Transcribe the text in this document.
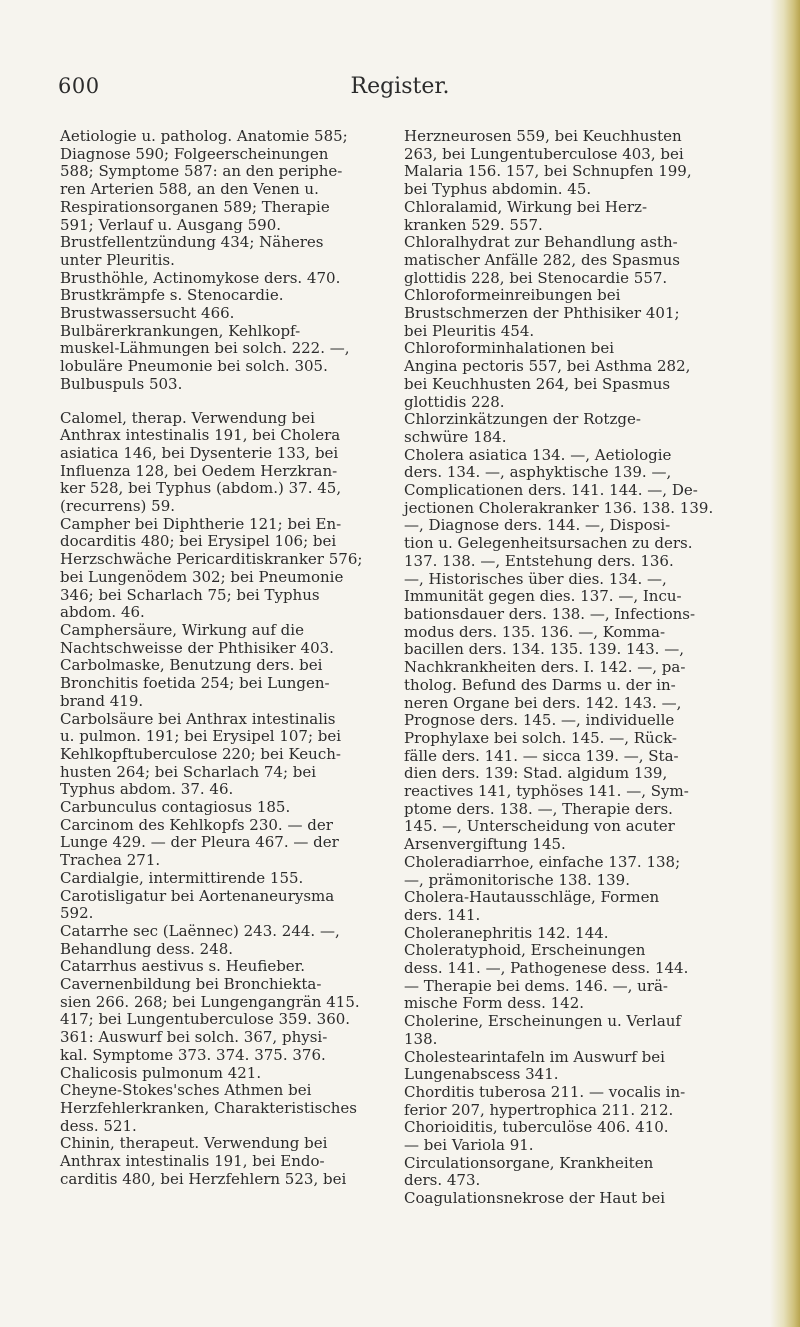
600	Register.

Aetiologie u. patholog. Anatomie 585;

Diagnose 590; Folgeerscheinungen

588; Symptome 587: an den periphe-

ren Arterien 588, an den Venen u.

Respirationsorganen 589; Therapie

591; Verlauf u. Ausgang 590.

Brustfellentzündung 434; Näheres

unter Pleuritis.

Brusthöhle, Actinomykose ders. 470.

Brustkrämpfe s. Stenocardie.

Brustwassersucht 466.

Bulbärerkrankungen, Kehlkopf-

muskel-Lähmungen bei solch. 222. —,

lobuläre Pneumonie bei solch. 305.

Bulbuspuls 503.

Calomel, therap. Verwendung bei

Anthrax intestinalis 191, bei Cholera

asiatica 146, bei Dysenterie 133, bei

Influenza 128, bei Oedem Herzkran-

ker 528, bei Typhus (abdom.) 37. 45,

(recurrens) 59.

Campher bei Diphtherie 121; bei En-

docarditis 480; bei Erysipel 106; bei

Herzschwäche Pericarditiskranker 576;

bei Lungenödem 302; bei Pneumonie

346; bei Scharlach 75; bei Typhus

abdom. 46.

Camphersäure, Wirkung auf die

Nachtschweisse der Phthisiker 403.

Carbolmaske, Benutzung ders. bei

Bronchitis foetida 254; bei Lungen-

brand 419.

Carbolsäure bei Anthrax intestinalis

u. pulmon. 191; bei Erysipel 107; bei

Kehlkopftuberculose 220; bei Keuch-

husten 264; bei Scharlach 74; bei

Typhus abdom. 37. 46.

Carbunculus contagiosus 185.

Carcinom des Kehlkopfs 230. — der

Lunge 429. — der Pleura 467. — der

Trachea 271.

Cardialgie, intermittirende 155.

Carotisligatur bei Aortenaneurysma

592.

Catarrhe sec (Laënnec) 243. 244. —,

Behandlung dess. 248.

Catarrhus aestivus s. Heufieber.

Cavernenbildung bei Bronchiekta-

sien 266. 268; bei Lungengangrän 415.

417; bei Lungentuberculose 359. 360.

361: Auswurf bei solch. 367, physi-

kal. Symptome 373. 374. 375. 376.

Chalicosis pulmonum 421.

Cheyne-Stokes'sches Athmen bei

Herzfehlerkranken, Charakteristisches

dess. 521.

Chinin, therapeut. Verwendung bei

Anthrax intestinalis 191, bei Endo-

carditis 480, bei Herzfehlern 523, bei

Herzneurosen 559, bei Keuchhusten

263, bei Lungentuberculose 403, bei

Malaria 156. 157, bei Schnupfen 199,

bei Typhus abdomin. 45.

Chloralamid, Wirkung bei Herz-

kranken 529. 557.

Chloralhydrat zur Behandlung asth-

matischer Anfälle 282, des Spasmus

glottidis 228, bei Stenocardie 557.

Chloroformeinreibungen bei

Brustschmerzen der Phthisiker 401;

bei Pleuritis 454.

Chloroforminhalationen bei

Angina pectoris 557, bei Asthma 282,

bei Keuchhusten 264, bei Spasmus

glottidis 228.

Chlorzinkätzungen der Rotzge-

schwüre 184.

Cholera asiatica 134. —, Aetiologie

ders. 134. —, asphyktische 139. —,

Complicationen ders. 141. 144. —, De-

jectionen Cholerakranker 136. 138. 139.

—, Diagnose ders. 144. —, Disposi-

tion u. Gelegenheitsursachen zu ders.

137. 138. —, Entstehung ders. 136.

—, Historisches über dies. 134. —,

Immunität gegen dies. 137. —, Incu-

bationsdauer ders. 138. —, Infections-

modus ders. 135. 136. —, Komma-

bacillen ders. 134. 135. 139. 143. —,

Nachkrankheiten ders. I. 142. —, pa-

tholog. Befund des Darms u. der in-

neren Organe bei ders. 142. 143. —,

Prognose ders. 145. —, individuelle

Prophylaxe bei solch. 145. —, Rück-

fälle ders. 141. — sicca 139. —, Sta-

dien ders. 139: Stad. algidum 139,

reactives 141, typhöses 141. —, Sym-

ptome ders. 138. —, Therapie ders.

145. —, Unterscheidung von acuter

Arsenvergiftung 145.

Choleradiarrhoe, einfache 137. 138;

—, prämonitorische 138. 139.

Cholera-Hautausschläge, Formen

ders. 141.

Choleranephritis 142. 144.

Choleratyphoid, Erscheinungen

dess. 141. —, Pathogenese dess. 144.

— Therapie bei dems. 146. —, urä-

mische Form dess. 142.

Cholerine, Erscheinungen u. Verlauf

138.

Cholestearintafeln im Auswurf bei

Lungenabscess 341.

Chorditis tuberosa 211. — vocalis in-

ferior 207, hypertrophica 211. 212.

Chorioiditis, tuberculöse 406. 410.

— bei Variola 91.

Circulationsorgane, Krankheiten

ders. 473.

Coagulationsnekrose der Haut bei
